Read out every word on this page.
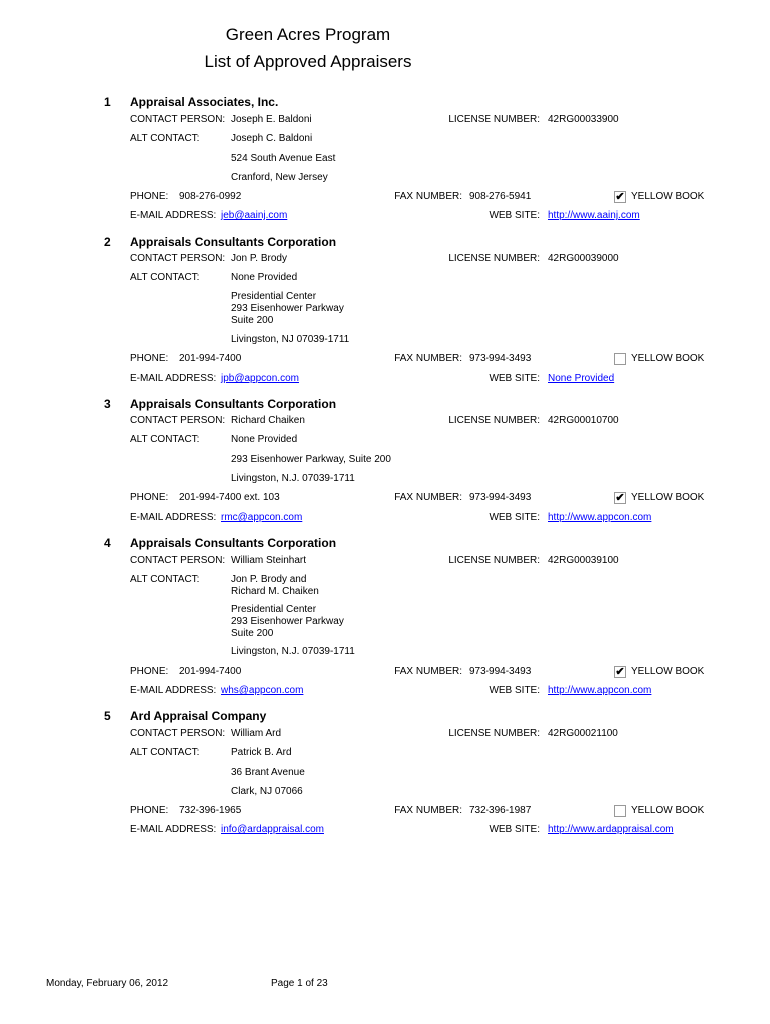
Green Acres Program
List of Approved Appraisers
1 Appraisal Associates, Inc.
CONTACT PERSON: Joseph E. Baldoni	LICENSE NUMBER: 42RG00033900
ALT CONTACT:	Joseph C. Baldoni
524 South Avenue East
Cranford, New Jersey
PHONE: 908-276-0992	FAX NUMBER: 908-276-5941	✔ YELLOW BOOK
E-MAIL ADDRESS: jeb@aainj.com	WEB SITE: http://www.aainj.com
2 Appraisals Consultants Corporation
CONTACT PERSON: Jon P. Brody	LICENSE NUMBER: 42RG00039000
ALT CONTACT:	None Provided
Presidential Center
293 Eisenhower Parkway
Suite 200
Livingston, NJ 07039-1711
PHONE: 201-994-7400	FAX NUMBER: 973-994-3493	YELLOW BOOK
E-MAIL ADDRESS: jpb@appcon.com	WEB SITE: None Provided
3 Appraisals Consultants Corporation
CONTACT PERSON: Richard Chaiken	LICENSE NUMBER: 42RG00010700
ALT CONTACT:	None Provided
293 Eisenhower Parkway, Suite 200
Livingston, N.J. 07039-1711
PHONE: 201-994-7400 ext. 103	FAX NUMBER: 973-994-3493	✔ YELLOW BOOK
E-MAIL ADDRESS: rmc@appcon.com	WEB SITE: http://www.appcon.com
4 Appraisals Consultants Corporation
CONTACT PERSON: William Steinhart	LICENSE NUMBER: 42RG00039100
ALT CONTACT:	Jon P. Brody and
Richard M. Chaiken
Presidential Center
293 Eisenhower Parkway
Suite 200
Livingston, N.J. 07039-1711
PHONE: 201-994-7400	FAX NUMBER: 973-994-3493	✔ YELLOW BOOK
E-MAIL ADDRESS: whs@appcon.com	WEB SITE: http://www.appcon.com
5 Ard Appraisal Company
CONTACT PERSON: William Ard	LICENSE NUMBER: 42RG00021100
ALT CONTACT:	Patrick B. Ard
36 Brant Avenue
Clark, NJ 07066
PHONE: 732-396-1965	FAX NUMBER: 732-396-1987	YELLOW BOOK
E-MAIL ADDRESS: info@ardappraisal.com	WEB SITE: http://www.ardappraisal.com
Monday, February 06, 2012	Page 1 of 23
